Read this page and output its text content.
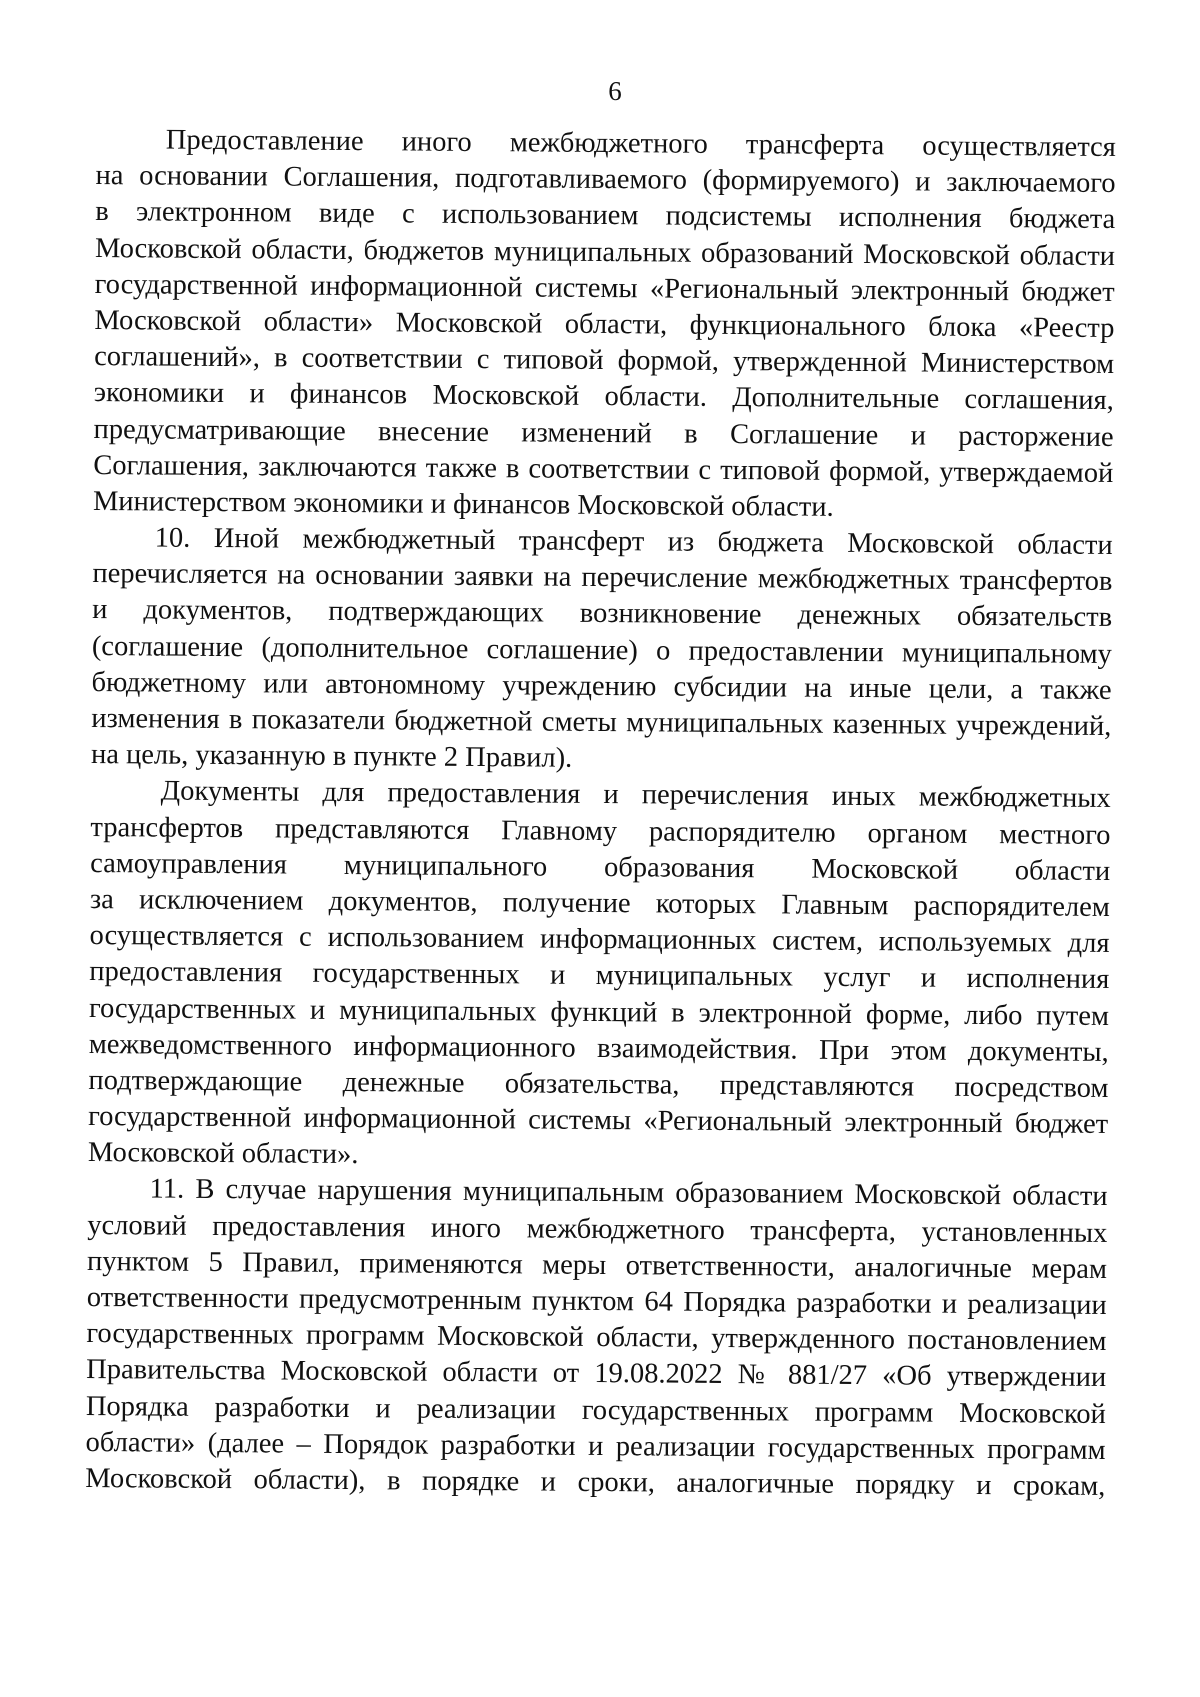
6
Предоставление иного межбюджетного трансферта осуществляется
на основании Соглашения, подготавливаемого (формируемого) и заключаемого
в электронном виде с использованием подсистемы исполнения бюджета
Московской области, бюджетов муниципальных образований Московской области
государственной информационной системы «Региональный электронный бюджет
Московской области» Московской области, функционального блока «Реестр
соглашений», в соответствии с типовой формой, утвержденной Министерством
экономики и финансов Московской области. Дополнительные соглашения,
предусматривающие внесение изменений в Соглашение и расторжение
Соглашения, заключаются также в соответствии с типовой формой, утверждаемой
Министерством экономики и финансов Московской области.
10. Иной межбюджетный трансферт из бюджета Московской области
перечисляется на основании заявки на перечисление межбюджетных трансфертов
и документов, подтверждающих возникновение денежных обязательств
(соглашение (дополнительное соглашение) о предоставлении муниципальному
бюджетному или автономному учреждению субсидии на иные цели, а также
изменения в показатели бюджетной сметы муниципальных казенных учреждений,
на цель, указанную в пункте 2 Правил).
Документы для предоставления и перечисления иных межбюджетных
трансфертов представляются Главному распорядителю органом местного
самоуправления муниципального образования Московской области
за исключением документов, получение которых Главным распорядителем
осуществляется с использованием информационных систем, используемых для
предоставления государственных и муниципальных услуг и исполнения
государственных и муниципальных функций в электронной форме, либо путем
межведомственного информационного взаимодействия. При этом документы,
подтверждающие денежные обязательства, представляются посредством
государственной информационной системы «Региональный электронный бюджет
Московской области».
11. В случае нарушения муниципальным образованием Московской области
условий предоставления иного межбюджетного трансферта, установленных
пунктом 5 Правил, применяются меры ответственности, аналогичные мерам
ответственности предусмотренным пунктом 64 Порядка разработки и реализации
государственных программ Московской области, утвержденного постановлением
Правительства Московской области от 19.08.2022 № 881/27 «Об утверждении
Порядка разработки и реализации государственных программ Московской
области» (далее – Порядок разработки и реализации государственных программ
Московской области), в порядке и сроки, аналогичные порядку и срокам,
